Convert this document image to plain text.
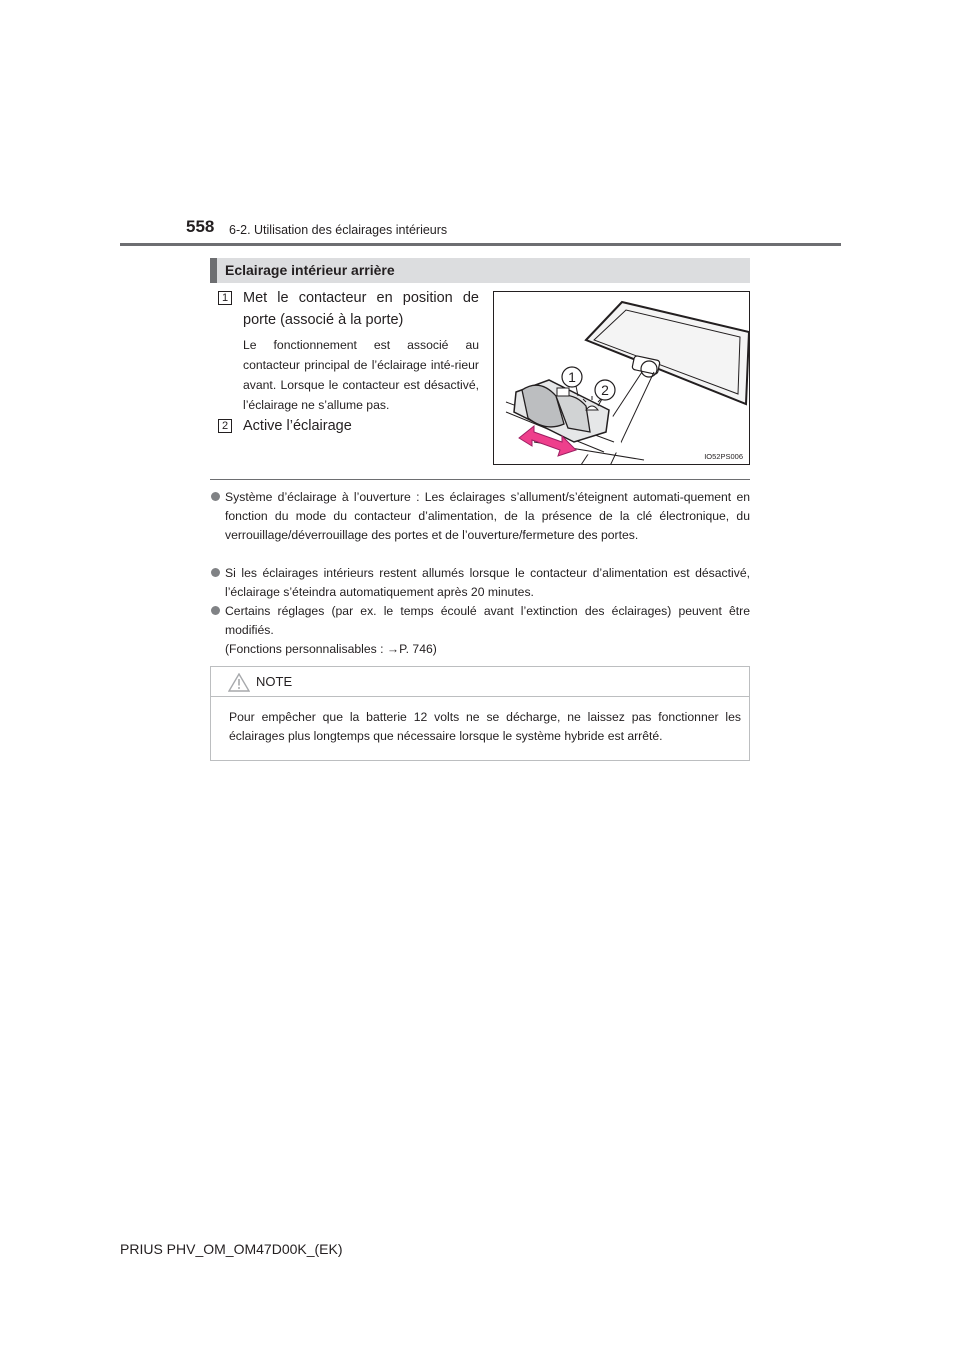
558 6-2. Utilisation des éclairages intérieurs
Eclairage intérieur arrière
1 Met le contacteur en position de porte (associé à la porte)
Le fonctionnement est associé au contacteur principal de l’éclairage inté-rieur avant. Lorsque le contacteur est désactivé, l’éclairage ne s’allume pas.
2 Active l’éclairage
1
2
IO52PS006
Système d’éclairage à l’ouverture : Les éclairages s’allument/s’éteignent automati-quement en fonction du mode du contacteur d’alimentation, de la présence de la clé électronique, du verrouillage/déverrouillage des portes et de l’ouverture/fermeture des portes.
Si les éclairages intérieurs restent allumés lorsque le contacteur d’alimentation est désactivé, l’éclairage s’éteindra automatiquement après 20 minutes.
Certains réglages (par ex. le temps écoulé avant l’extinction des éclairages) peuvent être modifiés.
(Fonctions personnalisables : →P. 746)
NOTE
Pour empêcher que la batterie 12 volts ne se décharge, ne laissez pas fonctionner les éclairages plus longtemps que nécessaire lorsque le système hybride est arrêté.
PRIUS PHV_OM_OM47D00K_(EK)
